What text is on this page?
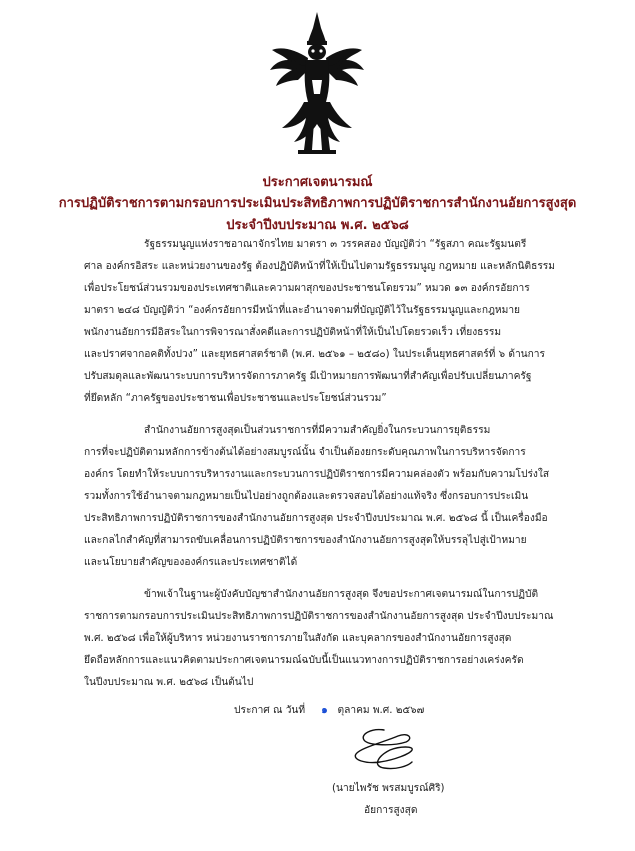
ประกาศเจตนารมณ์
การปฏิบัติราชการตามกรอบการประเมินประสิทธิภาพการปฏิบัติราชการสำนักงานอัยการสูงสุด
ประจำปีงบประมาณ พ.ศ. ๒๕๖๘
รัฐธรรมนูญแห่งราชอาณาจักรไทย มาตรา ๓ วรรคสอง บัญญัติว่า “รัฐสภา คณะรัฐมนตรี
ศาล องค์กรอิสระ และหน่วยงานของรัฐ ต้องปฏิบัติหน้าที่ให้เป็นไปตามรัฐธรรมนูญ กฎหมาย และหลักนิติธรรม
เพื่อประโยชน์ส่วนรวมของประเทศชาติและความผาสุกของประชาชนโดยรวม” หมวด ๑๓ องค์กรอัยการ
มาตรา ๒๔๘ บัญญัติว่า “องค์กรอัยการมีหน้าที่และอำนาจตามที่บัญญัติไว้ในรัฐธรรมนูญและกฎหมาย
พนักงานอัยการมีอิสระในการพิจารณาสั่งคดีและการปฏิบัติหน้าที่ให้เป็นไปโดยรวดเร็ว เที่ยงธรรม
และปราศจากอคติทั้งปวง” และยุทธศาสตร์ชาติ (พ.ศ. ๒๕๖๑ – ๒๕๘๐) ในประเด็นยุทธศาสตร์ที่ ๖ ด้านการ
ปรับสมดุลและพัฒนาระบบการบริหารจัดการภาครัฐ มีเป้าหมายการพัฒนาที่สำคัญเพื่อปรับเปลี่ยนภาครัฐ
ที่ยึดหลัก “ภาครัฐของประชาชนเพื่อประชาชนและประโยชน์ส่วนรวม”
สำนักงานอัยการสูงสุดเป็นส่วนราชการที่มีความสำคัญยิ่งในกระบวนการยุติธรรม
การที่จะปฏิบัติตามหลักการข้างต้นได้อย่างสมบูรณ์นั้น จำเป็นต้องยกระดับคุณภาพในการบริหารจัดการ
องค์กร โดยทำให้ระบบการบริหารงานและกระบวนการปฏิบัติราชการมีความคล่องตัว พร้อมกับความโปร่งใส
รวมทั้งการใช้อำนาจตามกฎหมายเป็นไปอย่างถูกต้องและตรวจสอบได้อย่างแท้จริง ซึ่งกรอบการประเมิน
ประสิทธิภาพการปฏิบัติราชการของสำนักงานอัยการสูงสุด ประจำปีงบประมาณ พ.ศ. ๒๕๖๘ นี้ เป็นเครื่องมือ
และกลไกสำคัญที่สามารถขับเคลื่อนการปฏิบัติราชการของสำนักงานอัยการสูงสุดให้บรรลุไปสู่เป้าหมาย
และนโยบายสำคัญขององค์กรและประเทศชาติได้
ข้าพเจ้าในฐานะผู้บังคับบัญชาสำนักงานอัยการสูงสุด จึงขอประกาศเจตนารมณ์ในการปฏิบัติ
ราชการตามกรอบการประเมินประสิทธิภาพการปฏิบัติราชการของสำนักงานอัยการสูงสุด ประจำปีงบประมาณ
พ.ศ. ๒๕๖๘ เพื่อให้ผู้บริหาร หน่วยงานราชการภายในสังกัด และบุคลากรของสำนักงานอัยการสูงสุด
ยึดถือหลักการและแนวคิดตามประกาศเจตนารมณ์ฉบับนี้เป็นแนวทางการปฏิบัติราชการอย่างเคร่งครัด
ในปีงบประมาณ พ.ศ. ๒๕๖๘ เป็นต้นไป
ประกาศ ณ วันที่ ๑ ตุลาคม พ.ศ. ๒๕๖๗
(นายไพรัช พรสมบูรณ์ศิริ)
อัยการสูงสุด
